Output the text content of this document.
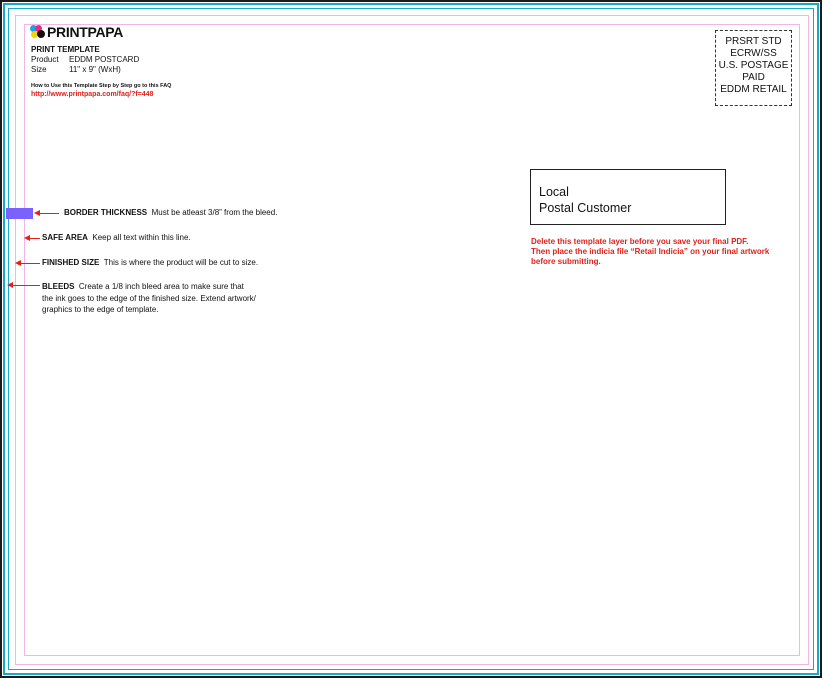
PRINTPAPA
PRINT TEMPLATE
Product EDDM POSTCARD
Size	11" x 9" (WxH)
How to Use this Template Step by Step go to this FAQ
http://www.printpapa.com/faq/?f=448
PRSRT STD
ECRW/SS
U.S. POSTAGE
PAID
EDDM RETAIL
Local
Postal Customer
Delete this template layer before you save your final PDF.
Then place the indicia file “Retail Indicia” on your final artwork
before submitting.
BORDER THICKNESS Must be atleast 3/8” from the bleed.
SAFE AREA Keep all text within this line.
FINISHED SIZE This is where the product will be cut to size.
BLEEDS Create a 1/8 inch bleed area to make sure that
the ink goes to the edge of the finished size. Extend artwork/
graphics to the edge of template.
